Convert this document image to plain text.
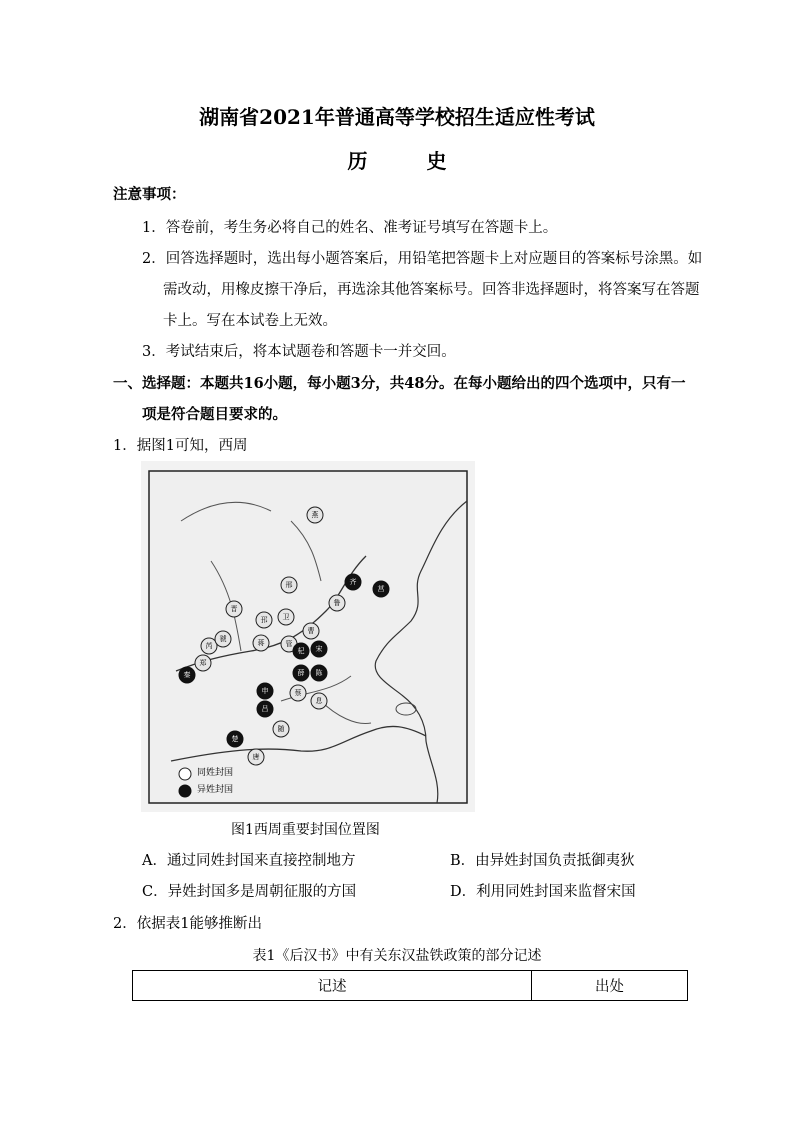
湖南省2021年普通高等学校招生适应性考试
历 史
注意事项：
1．答卷前，考生务必将自己的姓名、准考证号填写在答题卡上。
2．回答选择题时，选出每小题答案后，用铅笔把答题卡上对应题目的答案标号涂黑。如
需改动，用橡皮擦干净后，再选涂其他答案标号。回答非选择题时，将答案写在答题
卡上。写在本试卷上无效。
3．考试结束后，将本试题卷和答题卡一并交回。
一、选择题：本题共16小题，每小题3分，共48分。在每小题给出的四个选项中，只有一
项是符合题目要求的。
1．据图1可知，西周
燕
邢
卫
鲁
晋
邘
芮
虢
郑
曹
管
蔡
息
随
唐
蒋
齐
莒
宋
杞
陈
申
吕
薛
楚
秦
同姓封国
异姓封国
图1西周重要封国位置图
A．通过同姓封国来直接控制地方	B．由异姓封国负责抵御夷狄
C．异姓封国多是周朝征服的方国	D．利用同姓封国来监督宋国
2．依据表1能够推断出
表1《后汉书》中有关东汉盐铁政策的部分记述
记述	出处
